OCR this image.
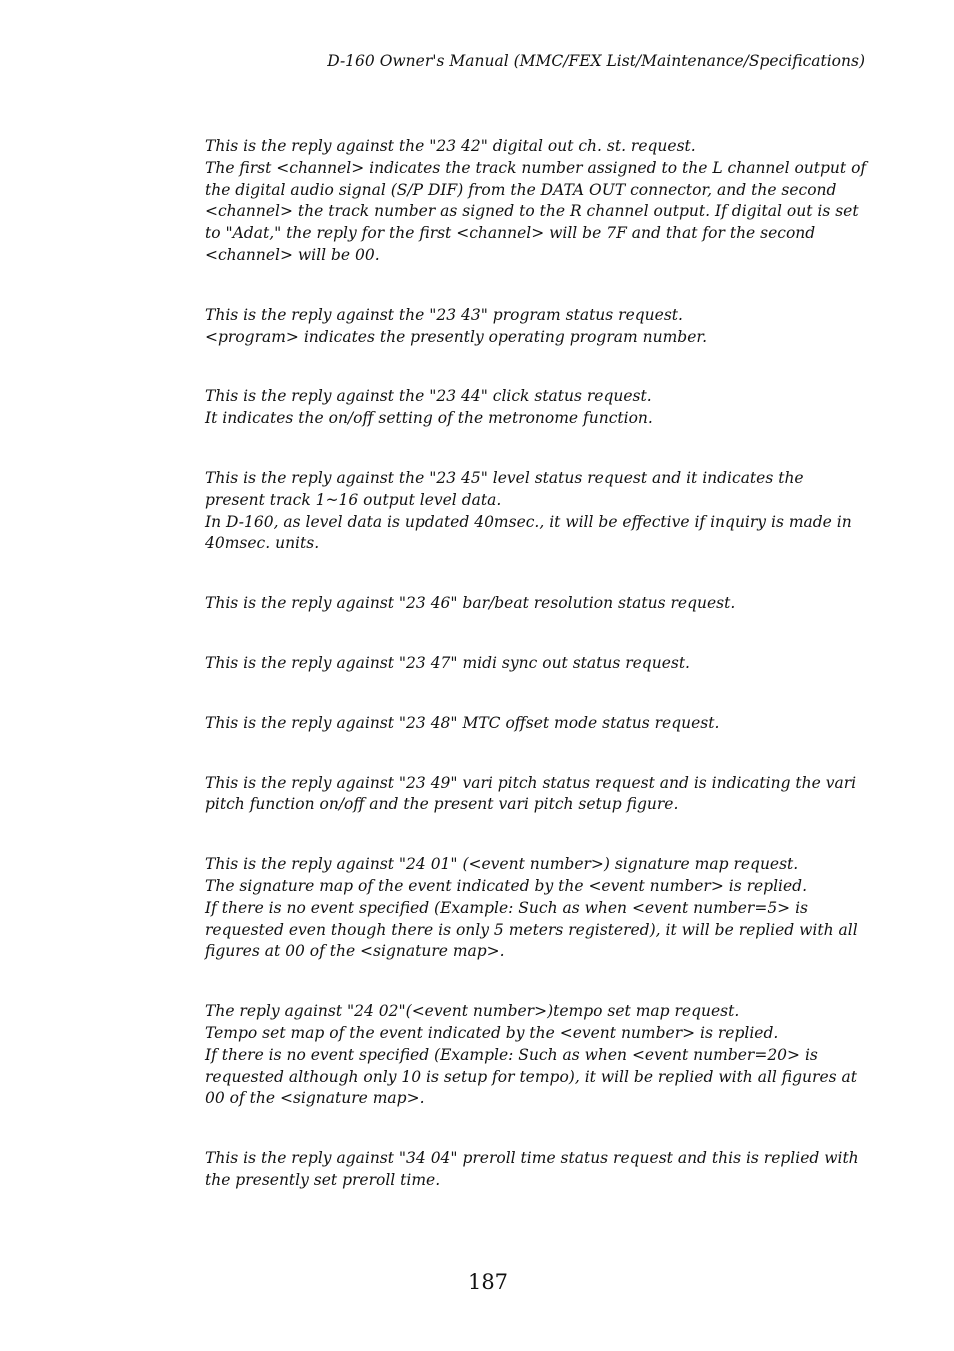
D-160 Owner's Manual (MMC/FEX List/Maintenance/Specifications)

This is the reply against the "23 42" digital out ch. st. request.
The first <channel> indicates the track number assigned to the L channel output of the digital audio signal (S/P DIF) from the DATA OUT connector, and the second <channel> the track number as signed to the R channel output. If digital out is set to "Adat," the reply for the first <channel> will be 7F and that for the second <channel> will be 00.

This is the reply against the "23 43" program status request.
<program> indicates the presently operating program number.

This is the reply against the "23 44" click status request.
It indicates the on/off setting of the metronome function.

This is the reply against the "23 45" level status request and it indicates the present track 1~16 output level data.
In D-160, as level data is updated 40msec., it will be effective if inquiry is made in 40msec. units.

This is the reply against "23 46" bar/beat resolution status request.

This is the reply against "23 47" midi sync out status request.

This is the reply against "23 48" MTC offset mode status request.

This is the reply against "23 49" vari pitch status request and is indicating the vari pitch function on/off and the present vari pitch setup figure.

This is the reply against "24 01" (<event number>) signature map request.
The signature map of the event indicated by the <event number> is replied.
If there is no event specified (Example: Such as when <event number=5> is requested even though there is only 5 meters registered), it will be replied with all figures at 00 of the <signature map>.

The reply against "24 02"(<event number>)tempo set map request.
Tempo set map of the event indicated by the <event number> is replied.
If there is no event specified (Example: Such as when <event number=20> is requested although only 10 is setup for tempo), it will be replied with all figures at 00 of the <signature map>.

This is the reply against "34 04" preroll time status request and this is replied with the presently set preroll time.

187
